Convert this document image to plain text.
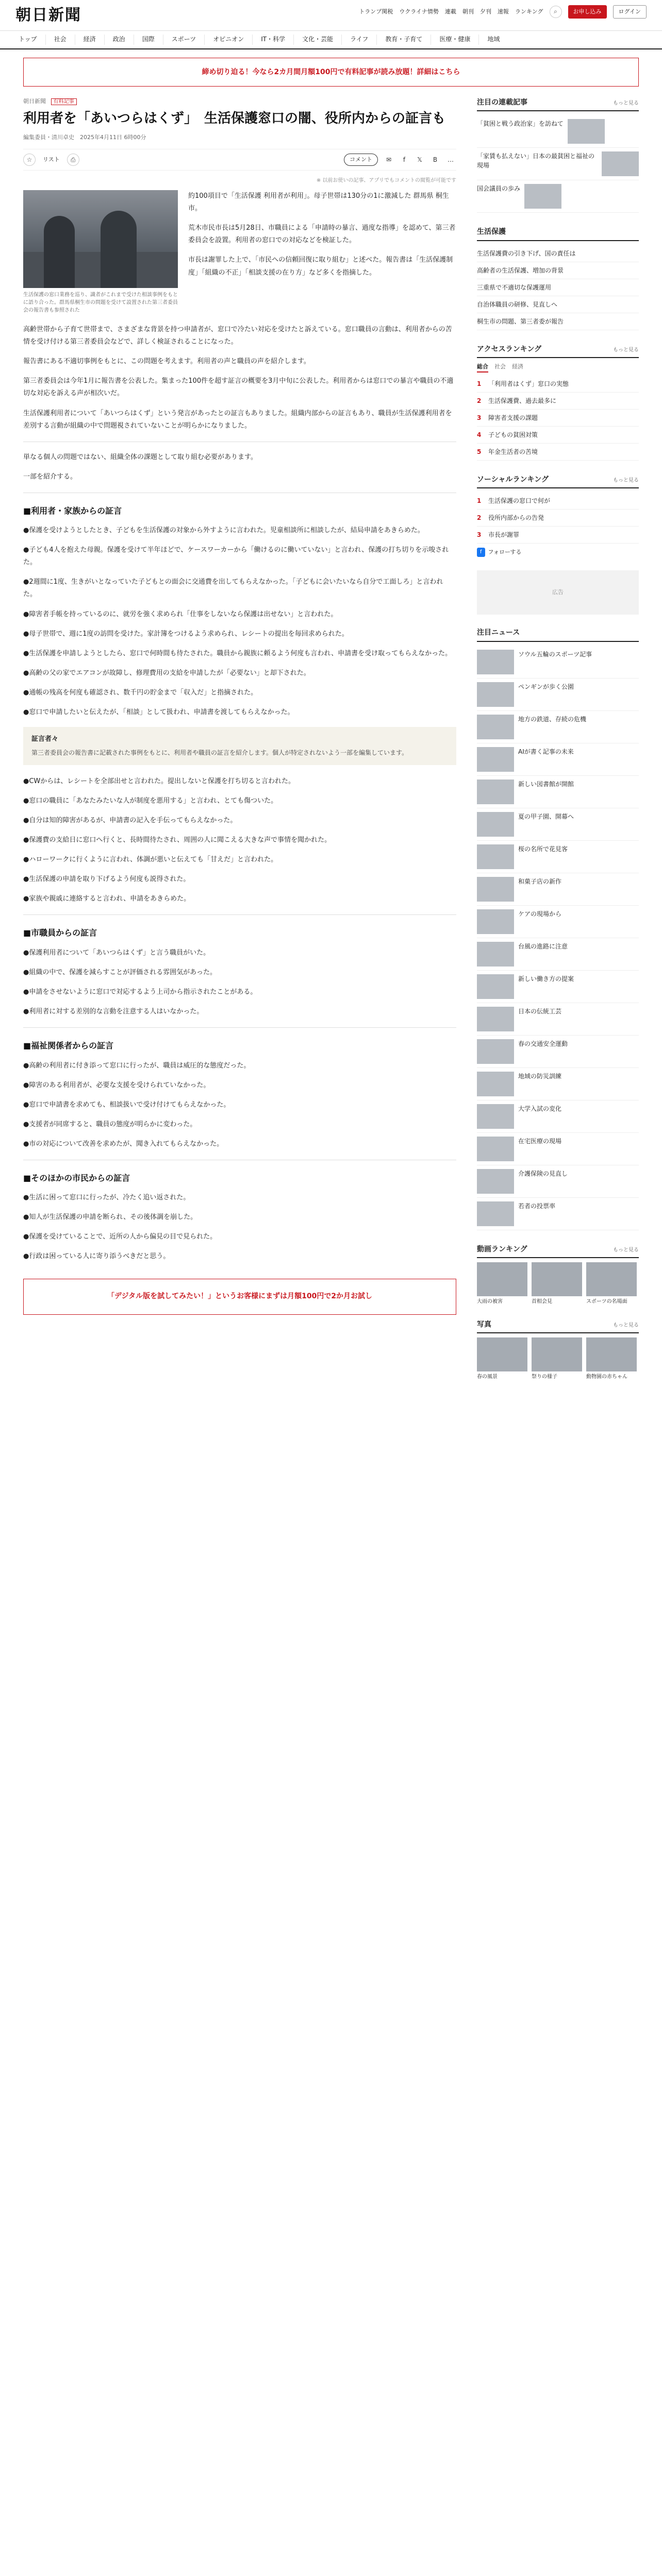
朝日新聞	トランプ関税 ウクライナ情勢 連載 朝刊 夕刊 速報 ランキング	⌕	お申し込み	ログイン
トップ	社会	経済	政治	国際	スポーツ	オピニオン	IT・科学	文化・芸能	ライフ	教育・子育て	医療・健康	地域
締め切り迫る！今なら2カ月間月額100円で有料記事が読み放題！詳細はこちら
朝日新聞 有料記事
利用者を「あいつらはくず」　生活保護窓口の闇、役所内からの証言も
編集委員・清川卓史　2025年4月11日 6時00分
☆	リスト	⎙	コメント	✉	f	𝕏	B	…
※ 以前お使いの記事、アプリでもコメントの閲覧が可能です
生活保護の窓口業務を巡り、識者がこれまで受けた相談事例をもとに語り合った。群馬県桐生市の問題を受けて設置された第三者委員会の報告書も参照された

約100項目で「生活保護 利用者が利用」。母子世帯は130分の1に激減した 群馬県 桐生市。

荒木市民市長は5月28日、市職員による「申請時の暴言、過度な指導」を認めて、第三者委員会を設置。利用者の窓口での対応などを検証した。

市長は謝罪した上で、「市民への信頼回復に取り組む」と述べた。報告書は「生活保護制度」「組織の不正」「相談支援の在り方」など多くを指摘した。

高齢世帯から子育て世帯まで、さまざまな背景を持つ申請者が、窓口で冷たい対応を受けたと訴えている。窓口職員の言動は、利用者からの苦情を受け付ける第三者委員会などで、詳しく検証されることになった。

報告書にある不適切事例をもとに、この問題を考えます。利用者の声と職員の声を紹介します。

第三者委員会は今年1月に報告書を公表した。集まった100件を超す証言の概要を3月中旬に公表した。利用者からは窓口での暴言や職員の不適切な対応を訴える声が相次いだ。

生活保護利用者について「あいつらはくず」という発言があったとの証言もありました。組織内部からの証言もあり、職員が生活保護利用者を差別する言動が組織の中で問題視されていないことが明らかになりました。

単なる個人の問題ではない、組織全体の課題として取り組む必要があります。

一部を紹介する。

■利用者・家族からの証言

●保護を受けようとしたとき、子どもを生活保護の対象から外すように言われた。児童相談所に相談したが、結局申請をあきらめた。

●子ども4人を抱えた母親。保護を受けて半年ほどで、ケースワーカーから「働けるのに働いていない」と言われ、保護の打ち切りを示唆された。

●2週間に1度、生きがいとなっていた子どもとの面会に交通費を出してもらえなかった。「子どもに会いたいなら自分で工面しろ」と言われた。

●障害者手帳を持っているのに、就労を強く求められ「仕事をしないなら保護は出せない」と言われた。

●母子世帯で、週に1度の訪問を受けた。家計簿をつけるよう求められ、レシートの提出を毎回求められた。

●生活保護を申請しようとしたら、窓口で何時間も待たされた。職員から親族に頼るよう何度も言われ、申請書を受け取ってもらえなかった。

●高齢の父の家でエアコンが故障し、修理費用の支給を申請したが「必要ない」と却下された。

●通帳の残高を何度も確認され、数千円の貯金まで「収入だ」と指摘された。

●窓口で申請したいと伝えたが、「相談」として扱われ、申請書を渡してもらえなかった。

証言者々
第三者委員会の報告書に記載された事例をもとに、利用者や職員の証言を紹介します。個人が特定されないよう一部を編集しています。

●CWからは、レシートを全部出せと言われた。提出しないと保護を打ち切ると言われた。

●窓口の職員に「あなたみたいな人が制度を悪用する」と言われ、とても傷ついた。

●自分は知的障害があるが、申請書の記入を手伝ってもらえなかった。

●保護費の支給日に窓口へ行くと、長時間待たされ、周囲の人に聞こえる大きな声で事情を聞かれた。

●ハローワークに行くように言われ、体調が悪いと伝えても「甘えだ」と言われた。

●生活保護の申請を取り下げるよう何度も説得された。

●家族や親戚に連絡すると言われ、申請をあきらめた。

■市職員からの証言

●保護利用者について「あいつらはくず」と言う職員がいた。

●組織の中で、保護を減らすことが評価される雰囲気があった。

●申請をさせないように窓口で対応するよう上司から指示されたことがある。

●利用者に対する差別的な言動を注意する人はいなかった。

■福祉関係者からの証言

●高齢の利用者に付き添って窓口に行ったが、職員は威圧的な態度だった。

●障害のある利用者が、必要な支援を受けられていなかった。

●窓口で申請書を求めても、相談扱いで受け付けてもらえなかった。

●支援者が同席すると、職員の態度が明らかに変わった。

●市の対応について改善を求めたが、聞き入れてもらえなかった。

■そのほかの市民からの証言

●生活に困って窓口に行ったが、冷たく追い返された。

●知人が生活保護の申請を断られ、その後体調を崩した。

●保護を受けていることで、近所の人から偏見の目で見られた。

●行政は困っている人に寄り添うべきだと思う。

「デジタル版を試してみたい！」というお客様にまずは月額100円で2か月お試し
注目の連載記事	もっと見る
「貧困と戦う政治家」を訪ねて
「家賃も払えない」日本の最貧困と福祉の現場
国会議員の歩み
生活保護
生活保護費の引き下げ、国の責任は
高齢者の生活保護、増加の背景
三重県で不適切な保護運用
自治体職員の研修、見直しへ
桐生市の問題、第三者委が報告
アクセスランキング	もっと見る
総合 社会 経済
1	「利用者はくず」窓口の実態
2	生活保護費、過去最多に
3	障害者支援の課題
4	子どもの貧困対策
5	年金生活者の苦境
ソーシャルランキング	もっと見る
1	生活保護の窓口で何が
2	役所内部からの告発
3	市長が謝罪
f	フォローする
広告
注目ニュース
ソウル五輪のスポーツ記事
ペンギンが歩く公園
地方の鉄道、存続の危機
AIが書く記事の未来
新しい図書館が開館
夏の甲子園、開幕へ
桜の名所で花見客
和菓子店の新作
ケアの現場から
台風の進路に注意
新しい働き方の提案
日本の伝統工芸
春の交通安全運動
地域の防災訓練
大学入試の変化
在宅医療の現場
介護保険の見直し
若者の投票率
動画ランキング	もっと見る
大雨の被害	首相会見	スポーツの名場面
写真	もっと見る
春の風景	祭りの様子	動物園の赤ちゃん
